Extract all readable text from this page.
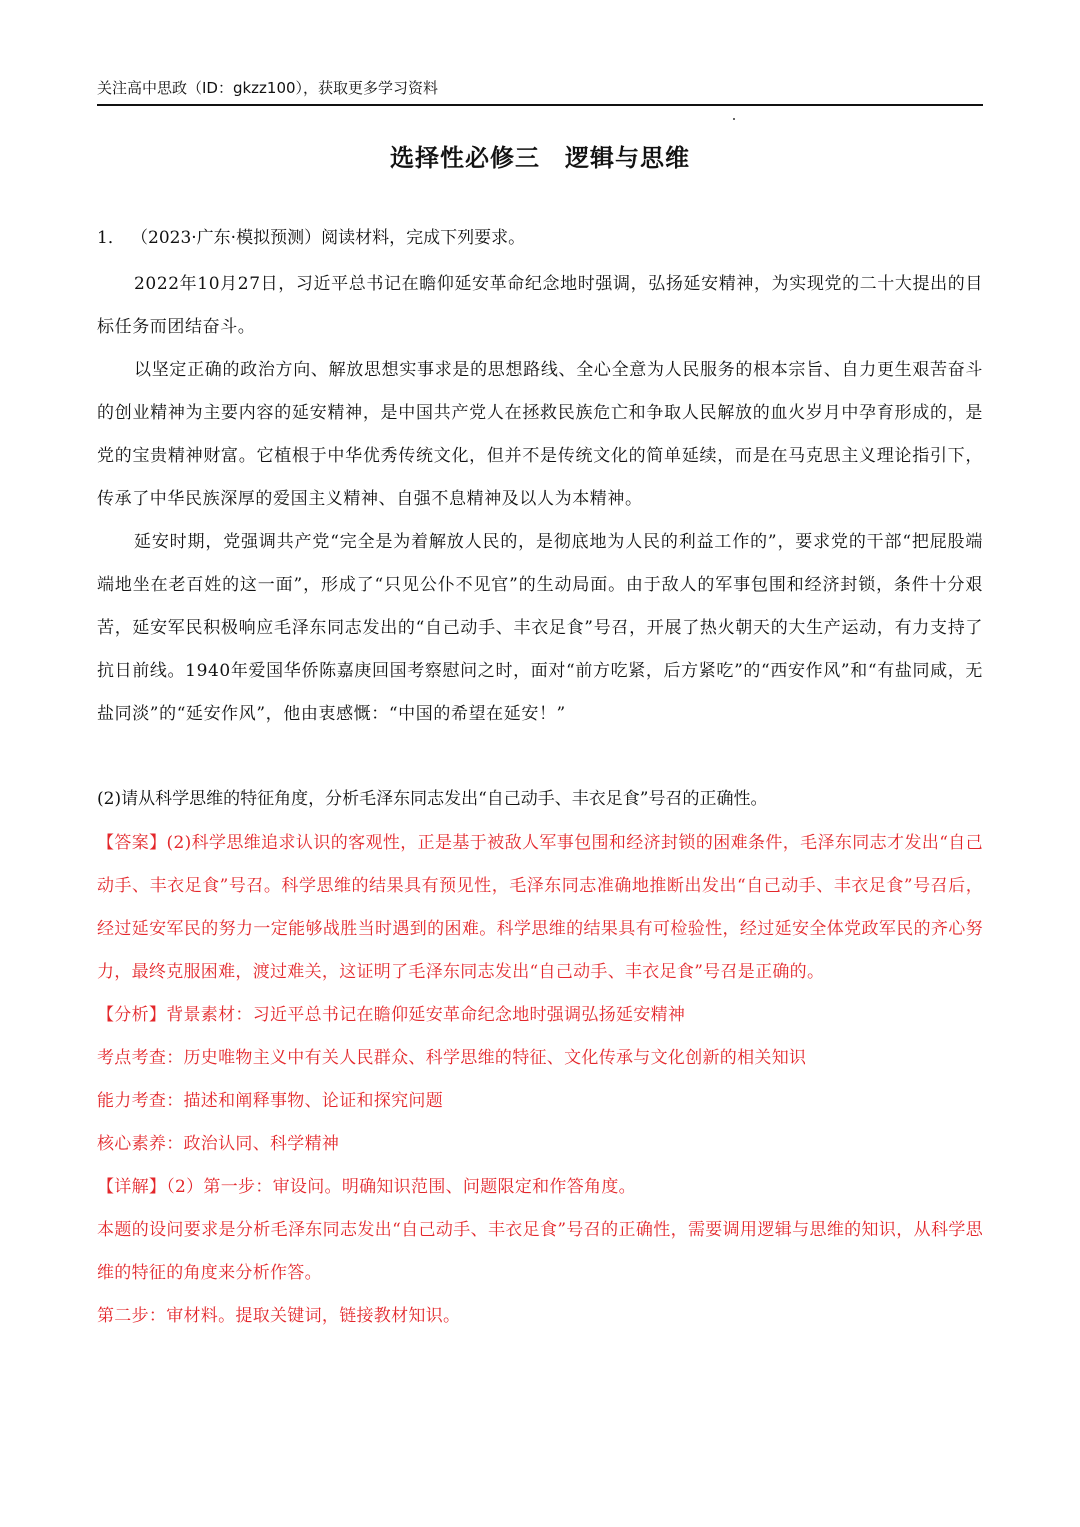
关注高中思政（ID：gkzz100），获取更多学习资料
选择性必修三　逻辑与思维
1． （2023·广东·模拟预测）阅读材料，完成下列要求。

2022年10月27日，习近平总书记在瞻仰延安革命纪念地时强调，弘扬延安精神，为实现党的二十大提出的目标任务而团结奋斗。

以坚定正确的政治方向、解放思想实事求是的思想路线、全心全意为人民服务的根本宗旨、自力更生艰苦奋斗的创业精神为主要内容的延安精神，是中国共产党人在拯救民族危亡和争取人民解放的血火岁月中孕育形成的，是党的宝贵精神财富。它植根于中华优秀传统文化，但并不是传统文化的简单延续，而是在马克思主义理论指引下，传承了中华民族深厚的爱国主义精神、自强不息精神及以人为本精神。

延安时期，党强调共产党“完全是为着解放人民的，是彻底地为人民的利益工作的”，要求党的干部“把屁股端端地坐在老百姓的这一面”，形成了“只见公仆不见官”的生动局面。由于敌人的军事包围和经济封锁，条件十分艰苦，延安军民积极响应毛泽东同志发出的“自己动手、丰衣足食”号召，开展了热火朝天的大生产运动，有力支持了抗日前线。1940年爱国华侨陈嘉庚回国考察慰问之时，面对“前方吃紧，后方紧吃”的“西安作风”和“有盐同咸，无盐同淡”的“延安作风”，他由衷感慨：“中国的希望在延安！”

(2)请从科学思维的特征角度，分析毛泽东同志发出“自己动手、丰衣足食”号召的正确性。

【答案】(2)科学思维追求认识的客观性，正是基于被敌人军事包围和经济封锁的困难条件，毛泽东同志才发出“自己动手、丰衣足食”号召。科学思维的结果具有预见性，毛泽东同志准确地推断出发出“自己动手、丰衣足食”号召后，经过延安军民的努力一定能够战胜当时遇到的困难。科学思维的结果具有可检验性，经过延安全体党政军民的齐心努力，最终克服困难，渡过难关，这证明了毛泽东同志发出“自己动手、丰衣足食”号召是正确的。

【分析】背景素材：习近平总书记在瞻仰延安革命纪念地时强调弘扬延安精神

考点考查：历史唯物主义中有关人民群众、科学思维的特征、文化传承与文化创新的相关知识

能力考查：描述和阐释事物、论证和探究问题

核心素养：政治认同、科学精神

【详解】（2）第一步：审设问。明确知识范围、问题限定和作答角度。

本题的设问要求是分析毛泽东同志发出“自己动手、丰衣足食”号召的正确性，需要调用逻辑与思维的知识，从科学思维的特征的角度来分析作答。

第二步：审材料。提取关键词，链接教材知识。
